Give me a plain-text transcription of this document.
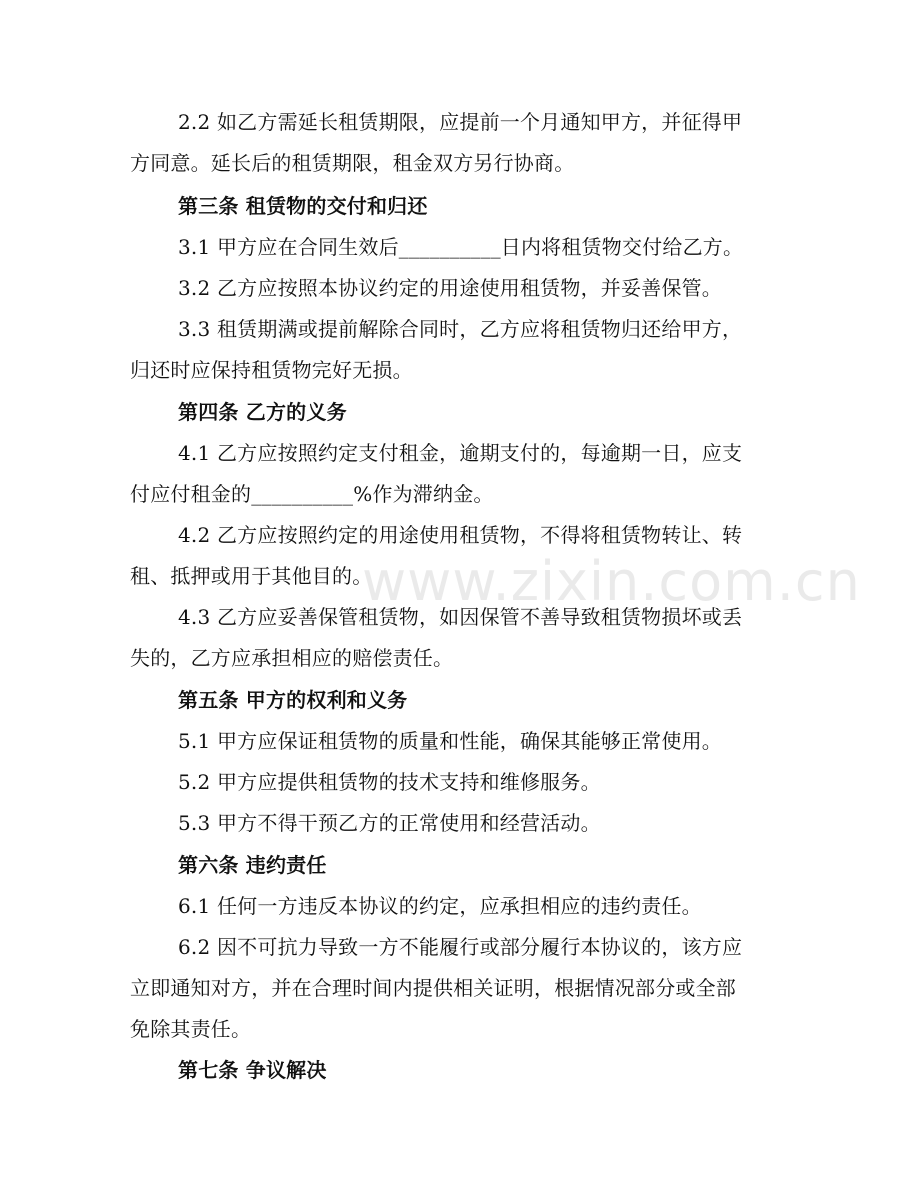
2.2 如乙方需延长租赁期限，应提前一个月通知甲方，并征得甲
方同意。延长后的租赁期限，租金双方另行协商。
第三条 租赁物的交付和归还
3.1 甲方应在合同生效后__________日内将租赁物交付给乙方。
3.2 乙方应按照本协议约定的用途使用租赁物，并妥善保管。
3.3 租赁期满或提前解除合同时，乙方应将租赁物归还给甲方，
归还时应保持租赁物完好无损。
第四条 乙方的义务
4.1 乙方应按照约定支付租金，逾期支付的，每逾期一日，应支
付应付租金的__________%作为滞纳金。
4.2 乙方应按照约定的用途使用租赁物，不得将租赁物转让、转
租、抵押或用于其他目的。
4.3 乙方应妥善保管租赁物，如因保管不善导致租赁物损坏或丢
失的，乙方应承担相应的赔偿责任。
第五条 甲方的权利和义务
5.1 甲方应保证租赁物的质量和性能，确保其能够正常使用。
5.2 甲方应提供租赁物的技术支持和维修服务。
5.3 甲方不得干预乙方的正常使用和经营活动。
第六条 违约责任
6.1 任何一方违反本协议的约定，应承担相应的违约责任。
6.2 因不可抗力导致一方不能履行或部分履行本协议的，该方应
立即通知对方，并在合理时间内提供相关证明，根据情况部分或全部
免除其责任。
第七条 争议解决
www.zixin.com.cn
